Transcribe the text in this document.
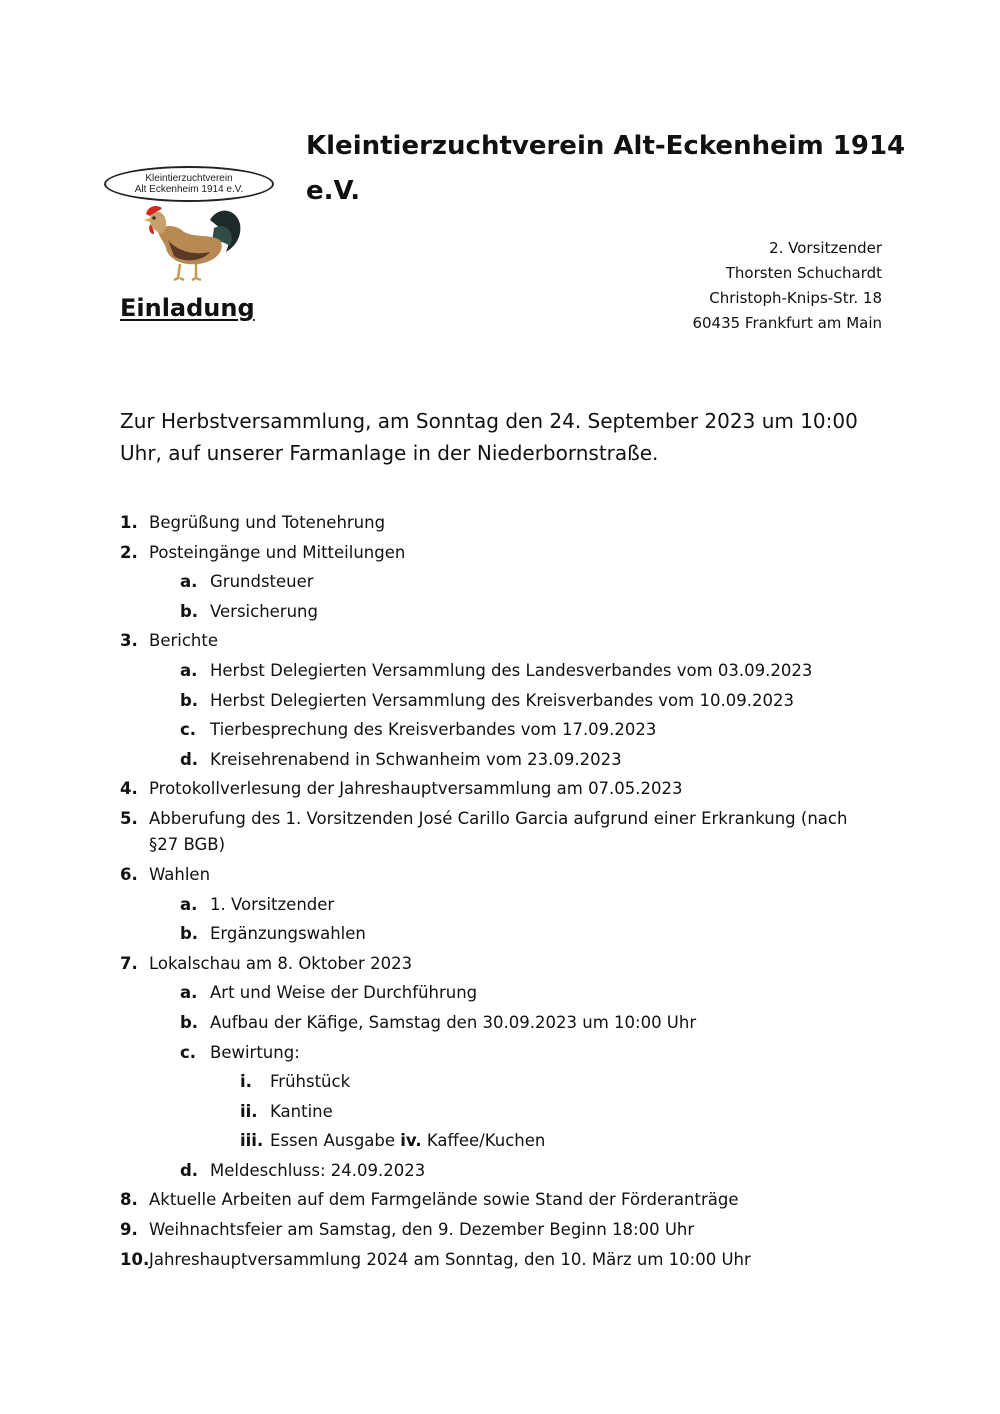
Kleintierzuchtverein
Alt Eckenheim 1914 e.V.
Kleintierzuchtverein Alt-Eckenheim 1914 e.V.
Einladung
2. Vorsitzender
Thorsten Schuchardt
Christoph-Knips-Str. 18
60435 Frankfurt am Main
Zur Herbstversammlung, am Sonntag den 24. September 2023 um 10:00 Uhr, auf unserer Farmanlage in der Niederbornstraße.
1. Begrüßung und Totenehrung
2. Posteingänge und Mitteilungen
a. Grundsteuer
b. Versicherung
3. Berichte
a. Herbst Delegierten Versammlung des Landesverbandes vom 03.09.2023
b. Herbst Delegierten Versammlung des Kreisverbandes vom 10.09.2023
c. Tierbesprechung des Kreisverbandes vom 17.09.2023
d. Kreisehrenabend in Schwanheim vom 23.09.2023
4. Protokollverlesung der Jahreshauptversammlung am 07.05.2023
5. Abberufung des 1. Vorsitzenden José Carillo Garcia aufgrund einer Erkrankung (nach §27 BGB)
6. Wahlen
a. 1. Vorsitzender
b. Ergänzungswahlen
7. Lokalschau am 8. Oktober 2023
a. Art und Weise der Durchführung
b. Aufbau der Käfige, Samstag den 30.09.2023 um 10:00 Uhr
c. Bewirtung:
i.	Frühstück
ii. Kantine
iii. Essen Ausgabe iv. Kaffee/Kuchen
d. Meldeschluss: 24.09.2023
8. Aktuelle Arbeiten auf dem Farmgelände sowie Stand der Förderanträge
9. Weihnachtsfeier am Samstag, den 9. Dezember Beginn 18:00 Uhr
10. Jahreshauptversammlung 2024 am Sonntag, den 10. März um 10:00 Uhr
